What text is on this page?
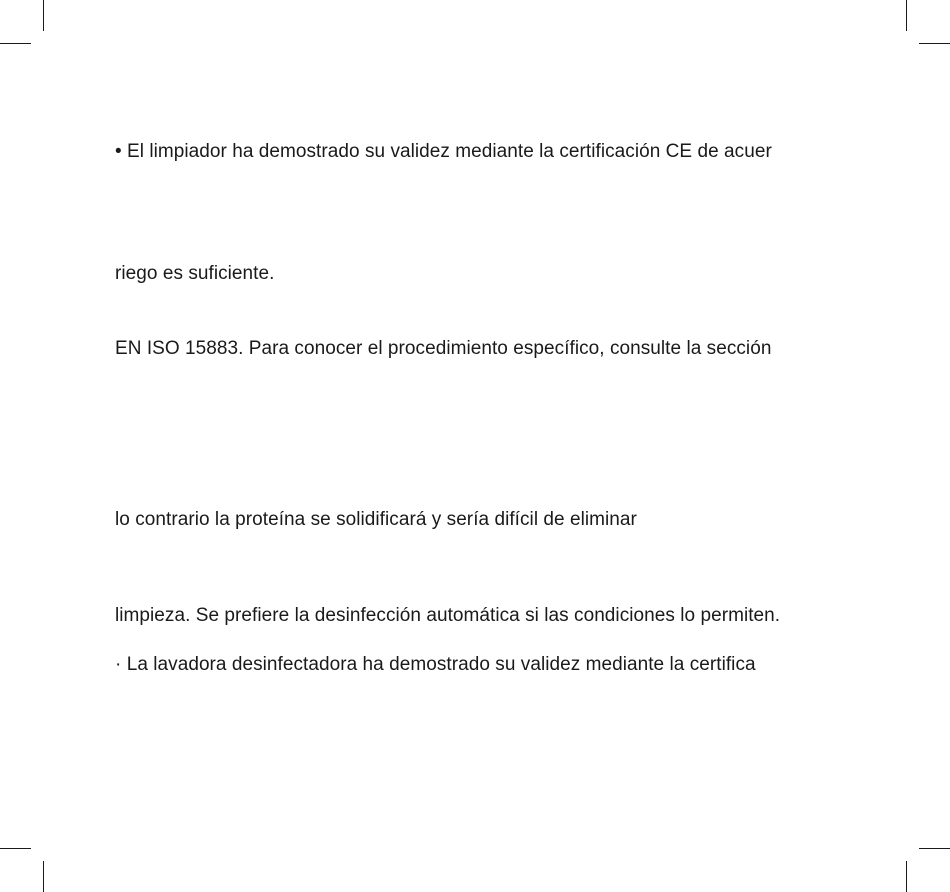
• El limpiador ha demostrado su validez mediante la certificación CE de acuer
riego es suficiente.
EN ISO 15883. Para conocer el procedimiento específico, consulte la sección
lo contrario la proteína se solidificará y sería difícil de eliminar
limpieza. Se prefiere la desinfección automática si las condiciones lo permiten.
· La lavadora desinfectadora ha demostrado su validez mediante la certifica
